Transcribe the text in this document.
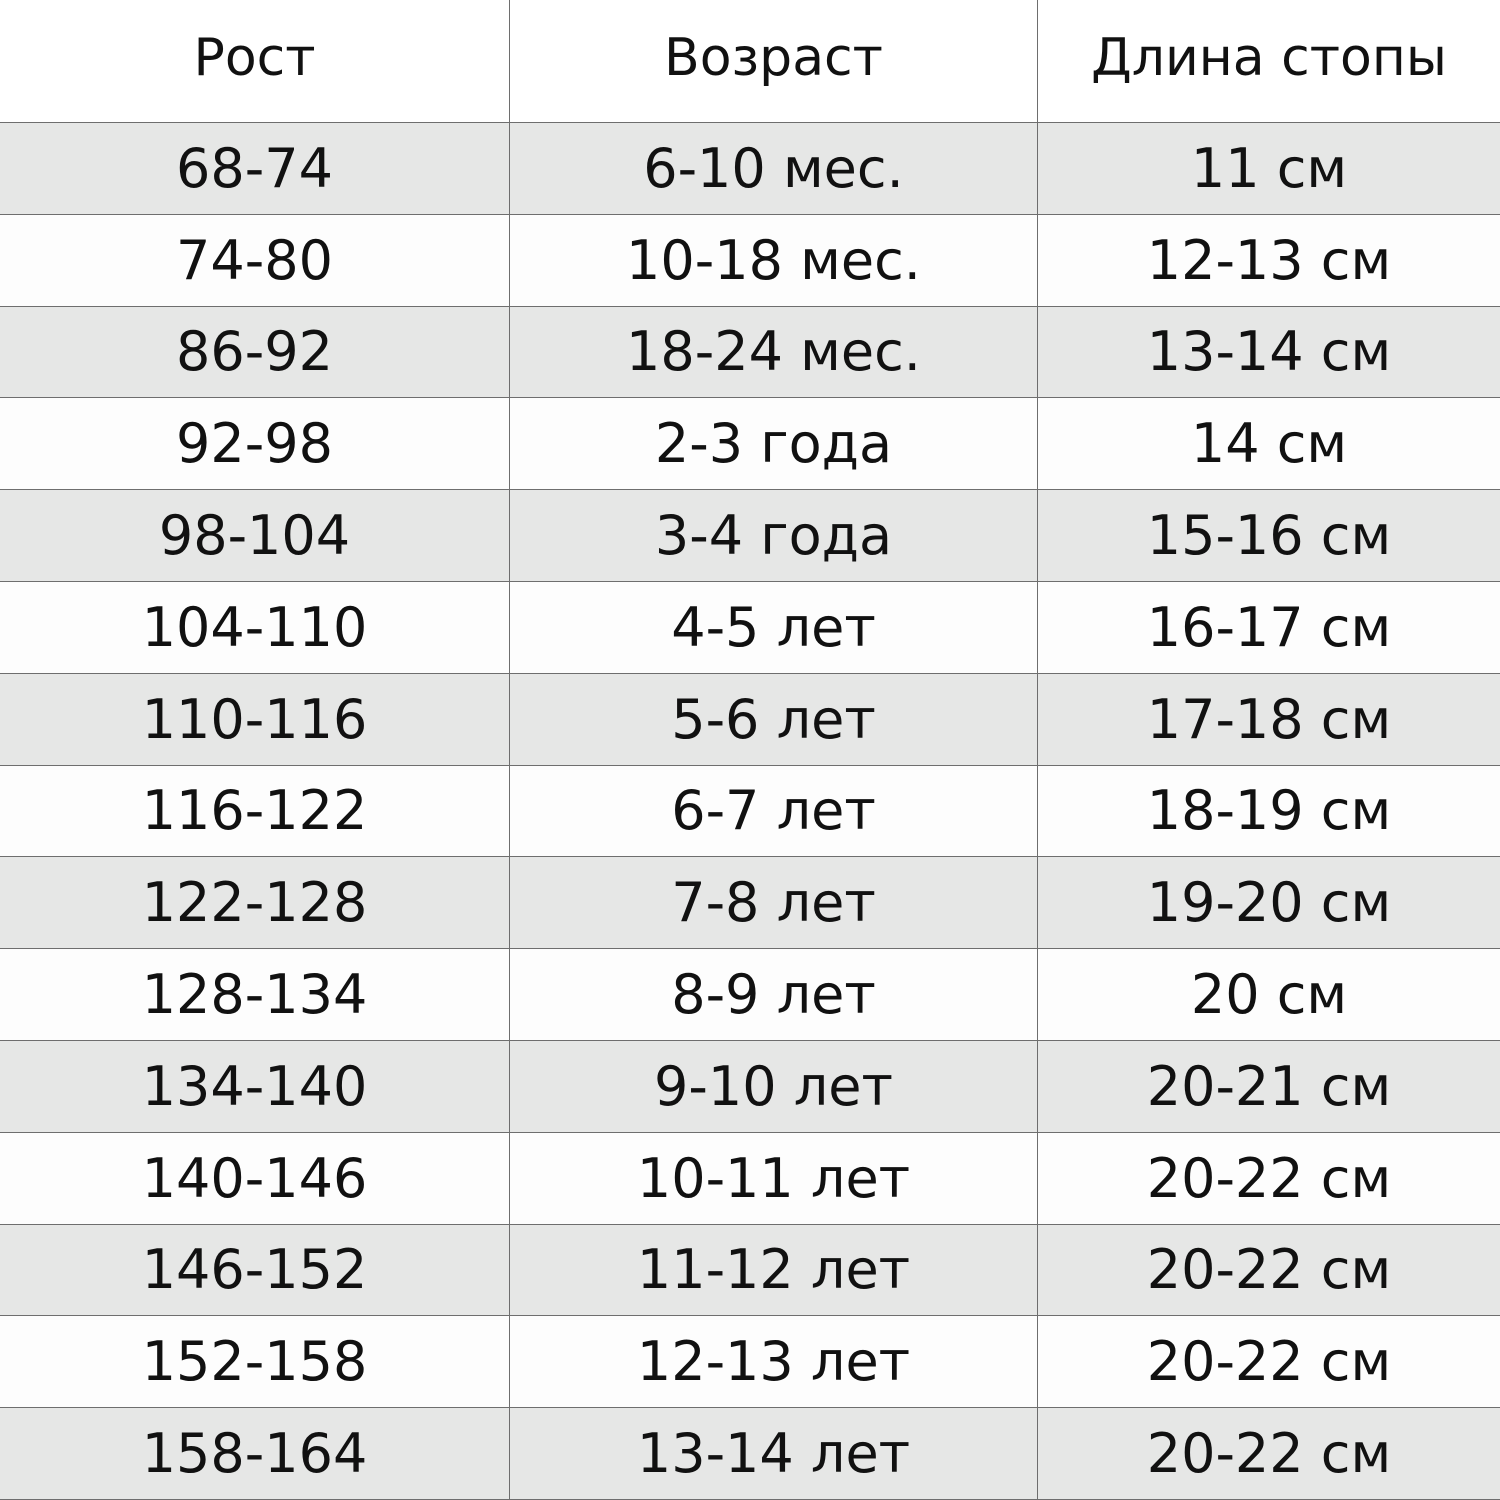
Рост	Возраст	Длина стопы
68-74	6-10 мес.	11 см
74-80	10-18 мес.	12-13 см
86-92	18-24 мес.	13-14 см
92-98	2-3 года	14 см
98-104	3-4 года	15-16 см
104-110	4-5 лет	16-17 см
110-116	5-6 лет	17-18 см
116-122	6-7 лет	18-19 см
122-128	7-8 лет	19-20 см
128-134	8-9 лет	20 см
134-140	9-10 лет	20-21 см
140-146	10-11 лет	20-22 см
146-152	11-12 лет	20-22 см
152-158	12-13 лет	20-22 см
158-164	13-14 лет	20-22 см
